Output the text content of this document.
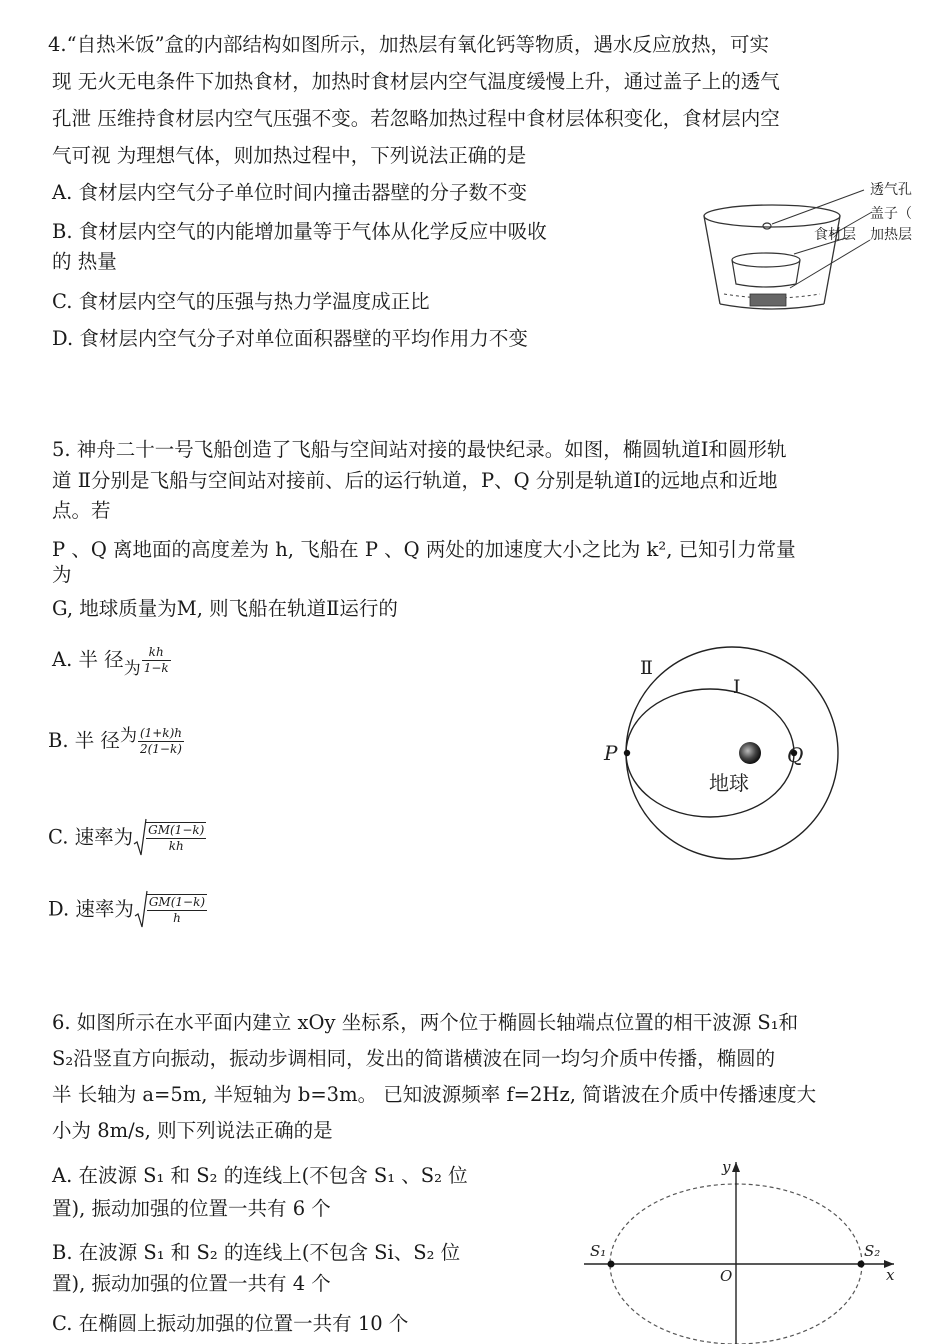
4.“自热米饭”盒的内部结构如图所示，加热层有氧化钙等物质，遇水反应放热，可实
现 无火无电条件下加热食材，加热时食材层内空气温度缓慢上升，通过盖子上的透气
孔泄 压维持食材层内空气压强不变。若忽略加热过程中食材层体积变化，食材层内空
气可视 为理想气体，则加热过程中，下列说法正确的是
A. 食材层内空气分子单位时间内撞击器壁的分子数不变
B. 食材层内空气的内能增加量等于气体从化学反应中吸收
的 热量
C. 食材层内空气的压强与热力学温度成正比
D. 食材层内空气分子对单位面积器壁的平均作用力不变
透气孔
盖子（
食材层 加热层
5. 神舟二十一号飞船创造了飞船与空间站对接的最快纪录。如图，椭圆轨道Ⅰ和圆形轨
道 Ⅱ分别是飞船与空间站对接前、后的运行轨道，P、Q 分别是轨道Ⅰ的远地点和近地
点。若
P 、Q 离地面的高度差为 h, 飞船在 P 、Q 两处的加速度大小之比为 k², 已知引力常量
为
G, 地球质量为M, 则飞船在轨道Ⅱ运行的
A. 半 径为 $\frac{kh}{1-k}$
B. 半 径为 $\frac{(1+k)h}{2(1-k)}$
C. 速率为 $\frac{GM(1-k)}{kh}$
D. 速率为 $\frac{GM(1-k)}{h}$
Ⅱ
Ⅰ
P	Q
地球
6. 如图所示在水平面内建立 xOy 坐标系，两个位于椭圆长轴端点位置的相干波源 S₁和
S₂沿竖直方向振动，振动步调相同，发出的简谐横波在同一均匀介质中传播，椭圆的
半 长轴为 a=5m, 半短轴为 b=3m。 已知波源频率 f=2Hz, 简谐波在介质中传播速度大
小为 8m/s, 则下列说法正确的是
A. 在波源 S₁ 和 S₂ 的连线上(不包含 S₁ 、S₂ 位
置), 振动加强的位置一共有 6 个
B. 在波源 S₁ 和 S₂ 的连线上(不包含 Si、S₂ 位
置), 振动加强的位置一共有 4 个
C. 在椭圆上振动加强的位置一共有 10 个
y
x
O
S₁	S₂
